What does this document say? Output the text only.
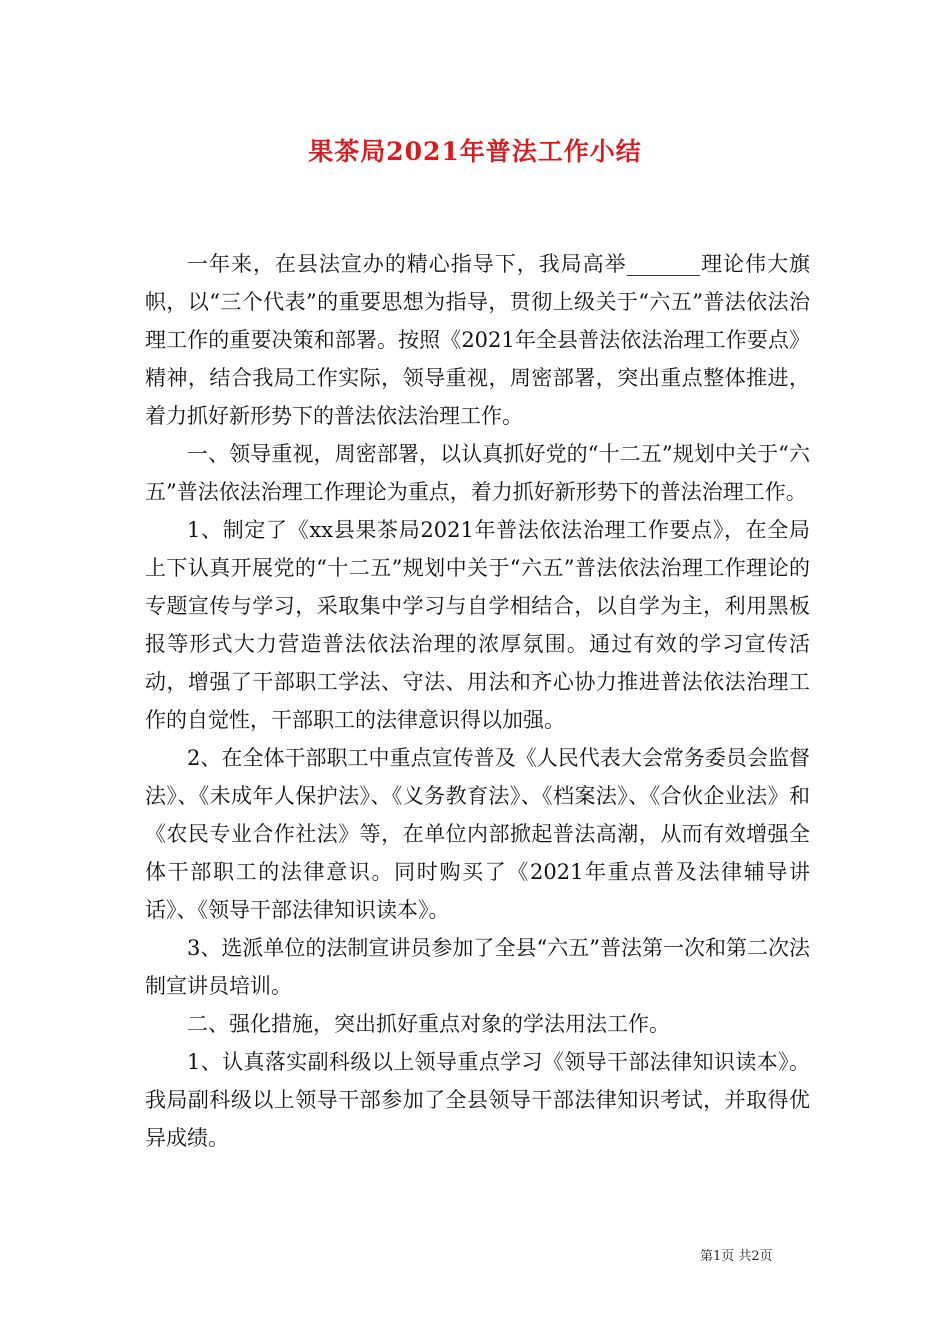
果茶局2021年普法工作小结

一年来，在县法宣办的精心指导下，我局高举_______理论伟大旗帜，以“三个代表”的重要思想为指导，贯彻上级关于“六五”普法依法治理工作的重要决策和部署。按照《2021年全县普法依法治理工作要点》精神，结合我局工作实际，领导重视，周密部署，突出重点整体推进，着力抓好新形势下的普法依法治理工作。

一、领导重视，周密部署，以认真抓好党的“十二五”规划中关于“六五”普法依法治理工作理论为重点，着力抓好新形势下的普法治理工作。

1、制定了《xx县果茶局2021年普法依法治理工作要点》，在全局上下认真开展党的“十二五”规划中关于“六五”普法依法治理工作理论的专题宣传与学习，采取集中学习与自学相结合，以自学为主，利用黑板报等形式大力营造普法依法治理的浓厚氛围。通过有效的学习宣传活动，增强了干部职工学法、守法、用法和齐心协力推进普法依法治理工作的自觉性，干部职工的法律意识得以加强。

2、在全体干部职工中重点宣传普及《人民代表大会常务委员会监督法》、《未成年人保护法》、《义务教育法》、《档案法》、《合伙企业法》和《农民专业合作社法》等，在单位内部掀起普法高潮，从而有效增强全体干部职工的法律意识。同时购买了《2021年重点普及法律辅导讲话》、《领导干部法律知识读本》。

3、选派单位的法制宣讲员参加了全县“六五”普法第一次和第二次法制宣讲员培训。

二、强化措施，突出抓好重点对象的学法用法工作。

1、认真落实副科级以上领导重点学习《领导干部法律知识读本》。我局副科级以上领导干部参加了全县领导干部法律知识考试，并取得优异成绩。

第1页 共2页
